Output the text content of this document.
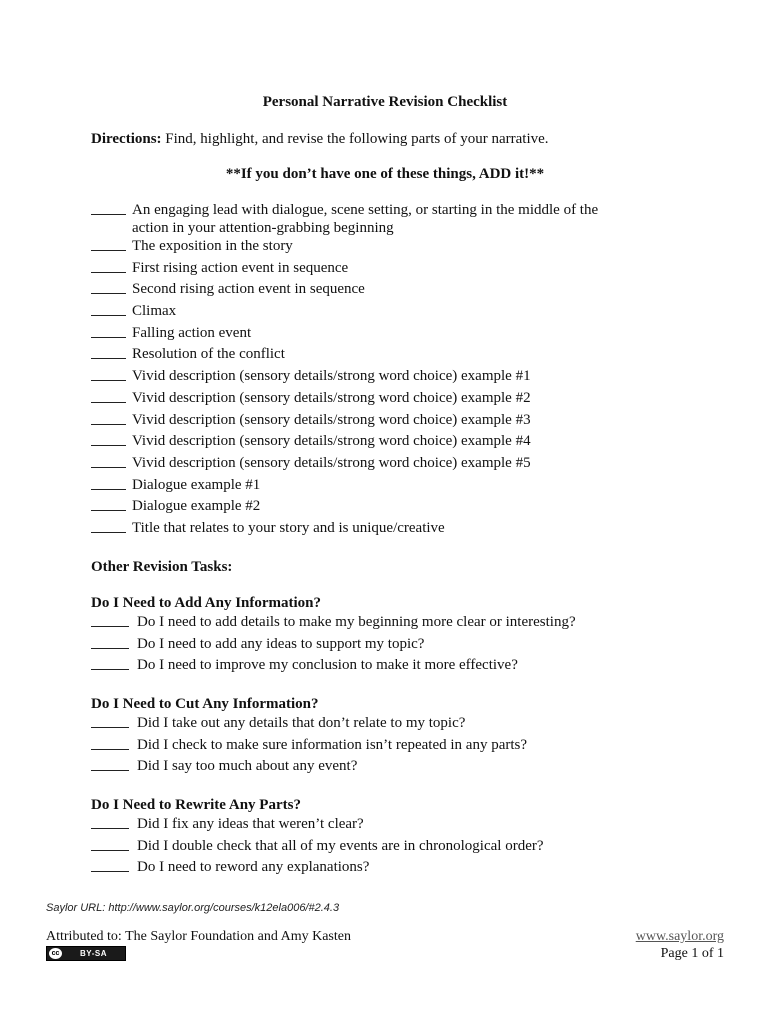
Personal Narrative Revision Checklist
Directions: Find, highlight, and revise the following parts of your narrative.
**If you don’t have one of these things, ADD it!**
An engaging lead with dialogue, scene setting, or starting in the middle of the action in your attention-grabbing beginning
The exposition in the story
First rising action event in sequence
Second rising action event in sequence
Climax
Falling action event
Resolution of the conflict
Vivid description (sensory details/strong word choice) example #1
Vivid description (sensory details/strong word choice) example #2
Vivid description (sensory details/strong word choice) example #3
Vivid description (sensory details/strong word choice) example #4
Vivid description (sensory details/strong word choice) example #5
Dialogue example #1
Dialogue example #2
Title that relates to your story and is unique/creative
Other Revision Tasks:
Do I Need to Add Any Information?
Do I need to add details to make my beginning more clear or interesting?
Do I need to add any ideas to support my topic?
Do I need to improve my conclusion to make it more effective?
Do I Need to Cut Any Information?
Did I take out any details that don’t relate to my topic?
Did I check to make sure information isn’t repeated in any parts?
Did I say too much about any event?
Do I Need to Rewrite Any Parts?
Did I fix any ideas that weren’t clear?
Did I double check that all of my events are in chronological order?
Do I need to reword any explanations?
Saylor URL: http://www.saylor.org/courses/k12ela006/#2.4.3
Attributed to: The Saylor Foundation and Amy Kasten
cc	BY-SA
www.saylor.org
Page 1 of 1
